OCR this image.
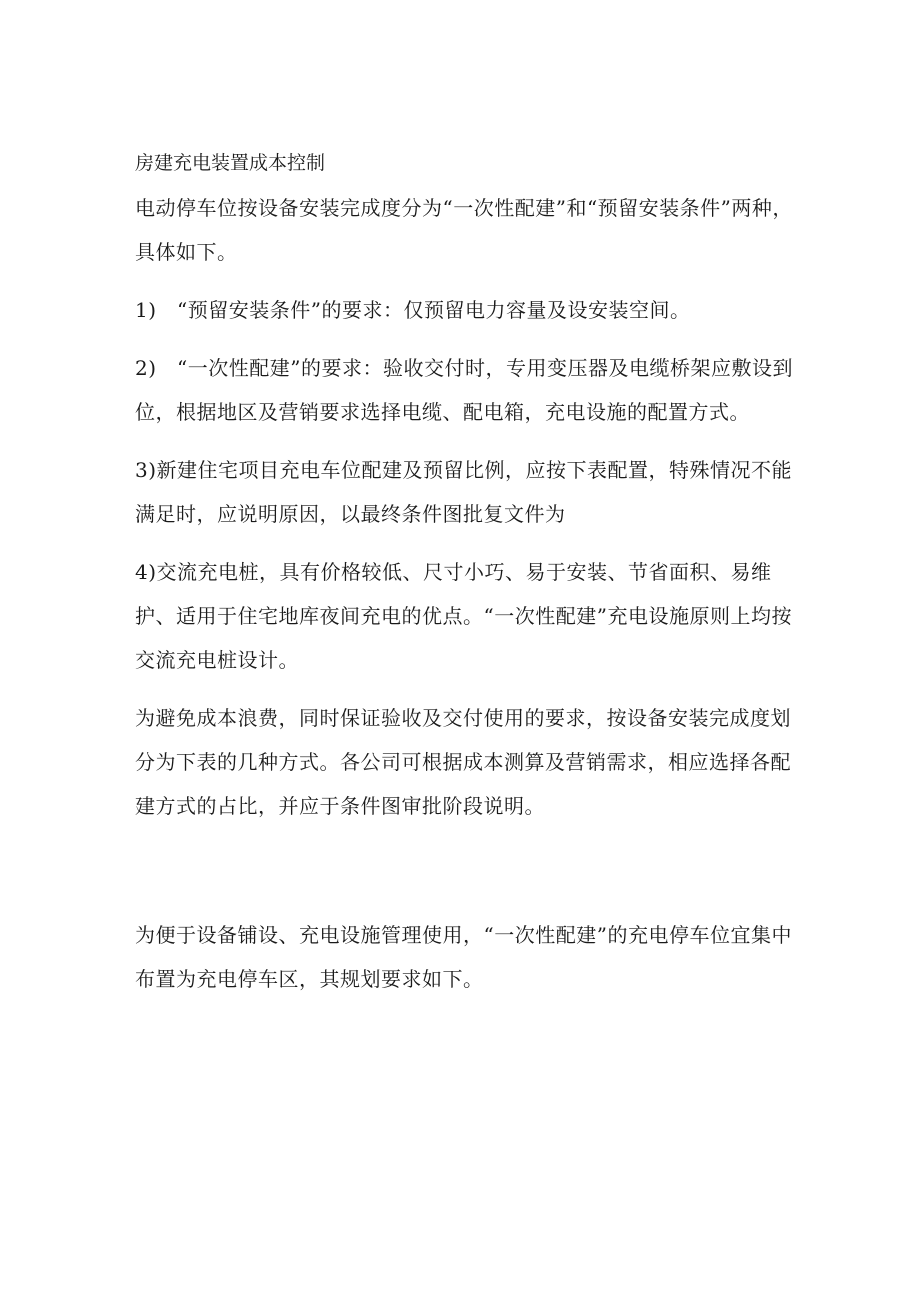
房建充电装置成本控制

电动停车位按设备安装完成度分为“一次性配建”和“预留安装条件”两种，具体如下。

1)　“预留安装条件”的要求：仅预留电力容量及设安装空间。

2)　“一次性配建”的要求：验收交付时，专用变压器及电缆桥架应敷设到位，根据地区及营销要求选择电缆、配电箱，充电设施的配置方式。

3)新建住宅项目充电车位配建及预留比例，应按下表配置，特殊情况不能满足时，应说明原因，以最终条件图批复文件为

4)交流充电桩，具有价格较低、尺寸小巧、易于安装、节省面积、易维护、适用于住宅地库夜间充电的优点。“一次性配建”充电设施原则上均按交流充电桩设计。

为避免成本浪费，同时保证验收及交付使用的要求，按设备安装完成度划分为下表的几种方式。各公司可根据成本测算及营销需求，相应选择各配建方式的占比，并应于条件图审批阶段说明。

为便于设备铺设、充电设施管理使用，“一次性配建”的充电停车位宜集中布置为充电停车区，其规划要求如下。
